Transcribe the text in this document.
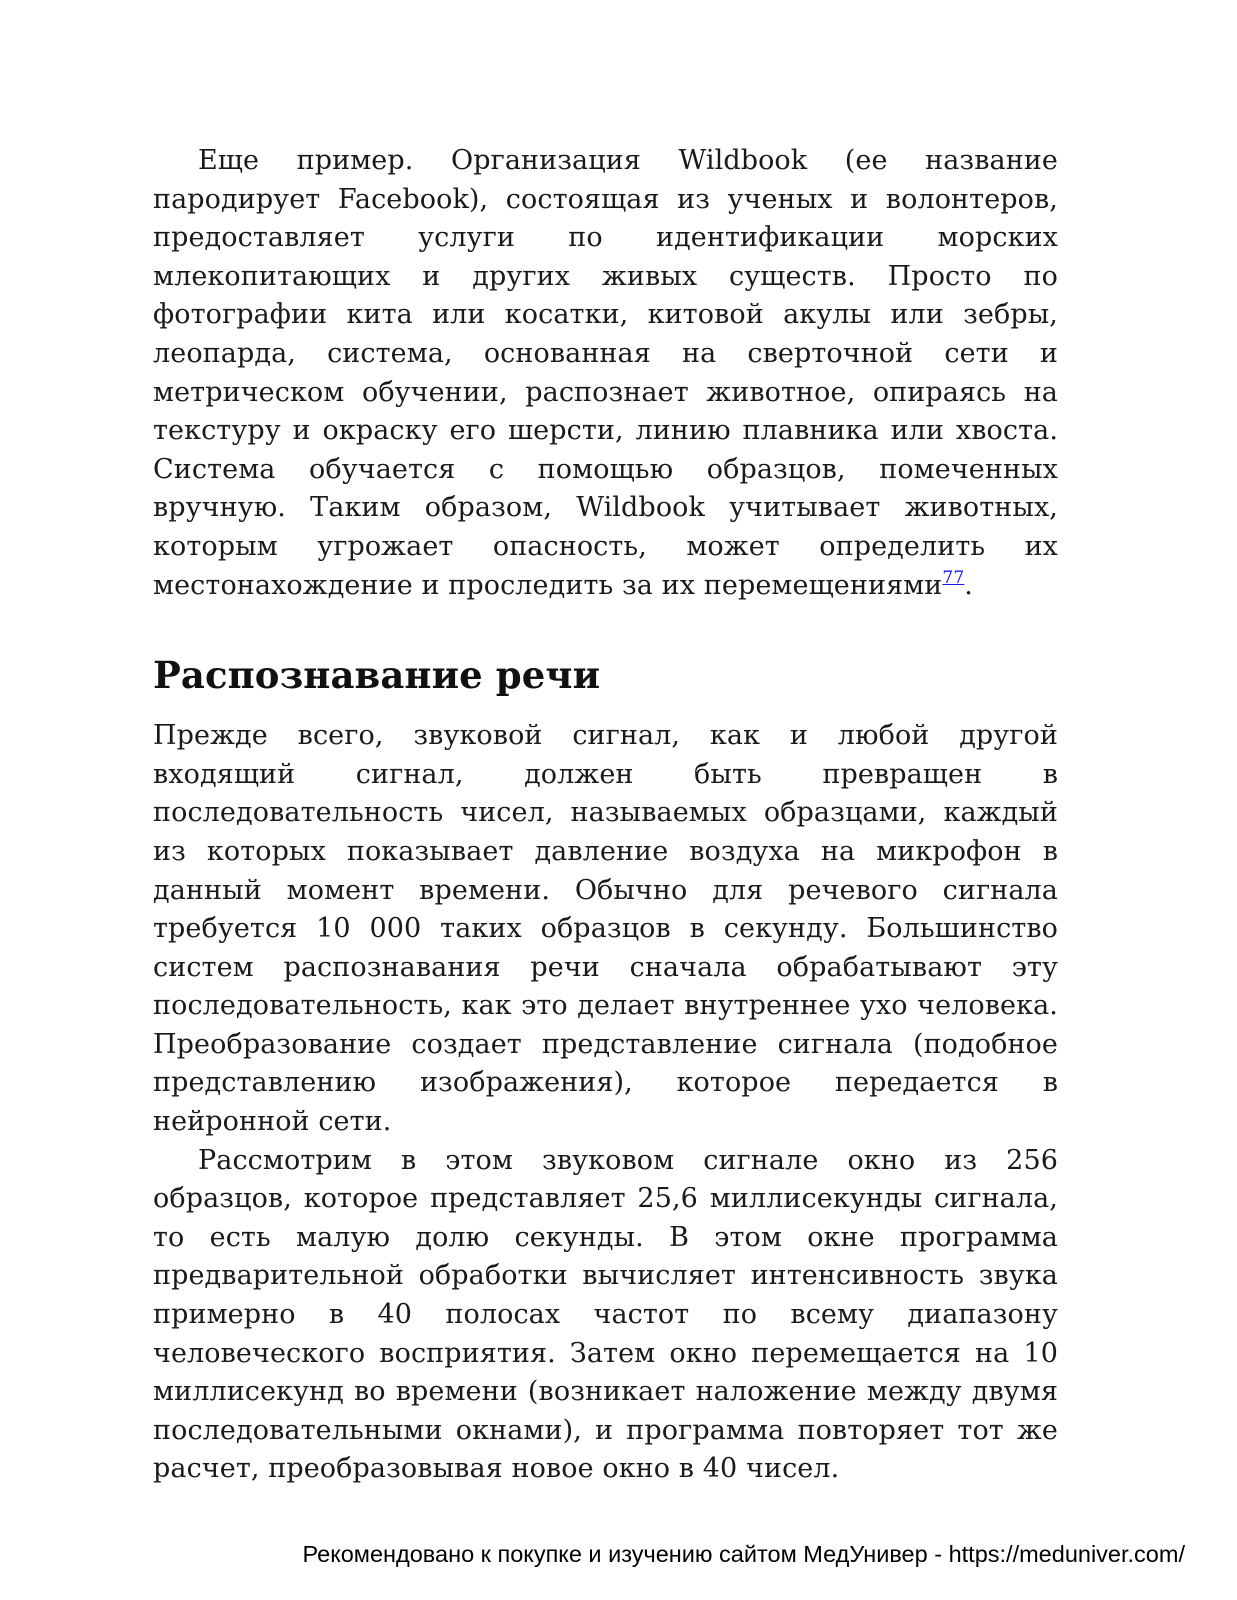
Еще пример. Организация Wildbook (ее название пародирует Facebook), состоящая из ученых и волонтеров, предоставляет услуги по идентификации морских млекопитающих и других живых существ. Просто по фотографии кита или косатки, китовой акулы или зебры, леопарда, система, основанная на сверточной сети и метрическом обучении, распознает животное, опираясь на текстуру и окраску его шерсти, линию плавника или хвоста. Система обучается с помощью образцов, помеченных вручную. Таким образом, Wildbook учитывает животных, которым угрожает опасность, может определить их местонахождение и проследить за их перемещениями$^{77}$.

Распознавание речи

Прежде всего, звуковой сигнал, как и любой другой входящий сигнал, должен быть превращен в последовательность чисел, называемых образцами, каждый из которых показывает давление воздуха на микрофон в данный момент времени. Обычно для речевого сигнала требуется 10 000 таких образцов в секунду. Большинство систем распознавания речи сначала обрабатывают эту последовательность, как это делает внутреннее ухо человека. Преобразование создает представление сигнала (подобное представлению изображения), которое передается в нейронной сети.

Рассмотрим в этом звуковом сигнале окно из 256 образцов, которое представляет 25,6 миллисекунды сигнала, то есть малую долю секунды. В этом окне программа предварительной обработки вычисляет интенсивность звука примерно в 40 полосах частот по всему диапазону человеческого восприятия. Затем окно перемещается на 10 миллисекунд во времени (возникает наложение между двумя последовательными окнами), и программа повторяет тот же расчет, преобразовывая новое окно в 40 чисел.

Рекомендовано к покупке и изучению сайтом МедУнивер - https://meduniver.com/
